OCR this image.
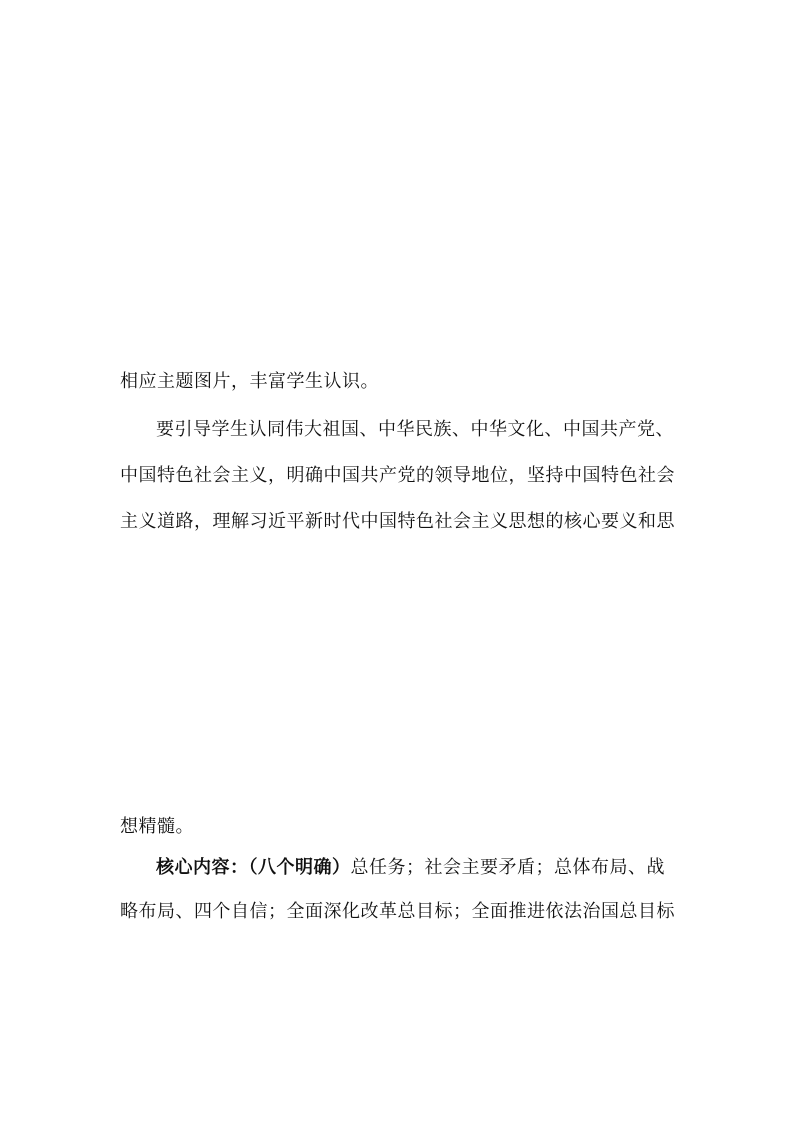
相应主题图片，丰富学生认识。
要引导学生认同伟大祖国、中华民族、中华文化、中国共产党、
中国特色社会主义，明确中国共产党的领导地位，坚持中国特色社会
主义道路，理解习近平新时代中国特色社会主义思想的核心要义和思
想精髓。
核心内容：（八个明确）总任务；社会主要矛盾；总体布局、战
略布局、四个自信；全面深化改革总目标；全面推进依法治国总目标
